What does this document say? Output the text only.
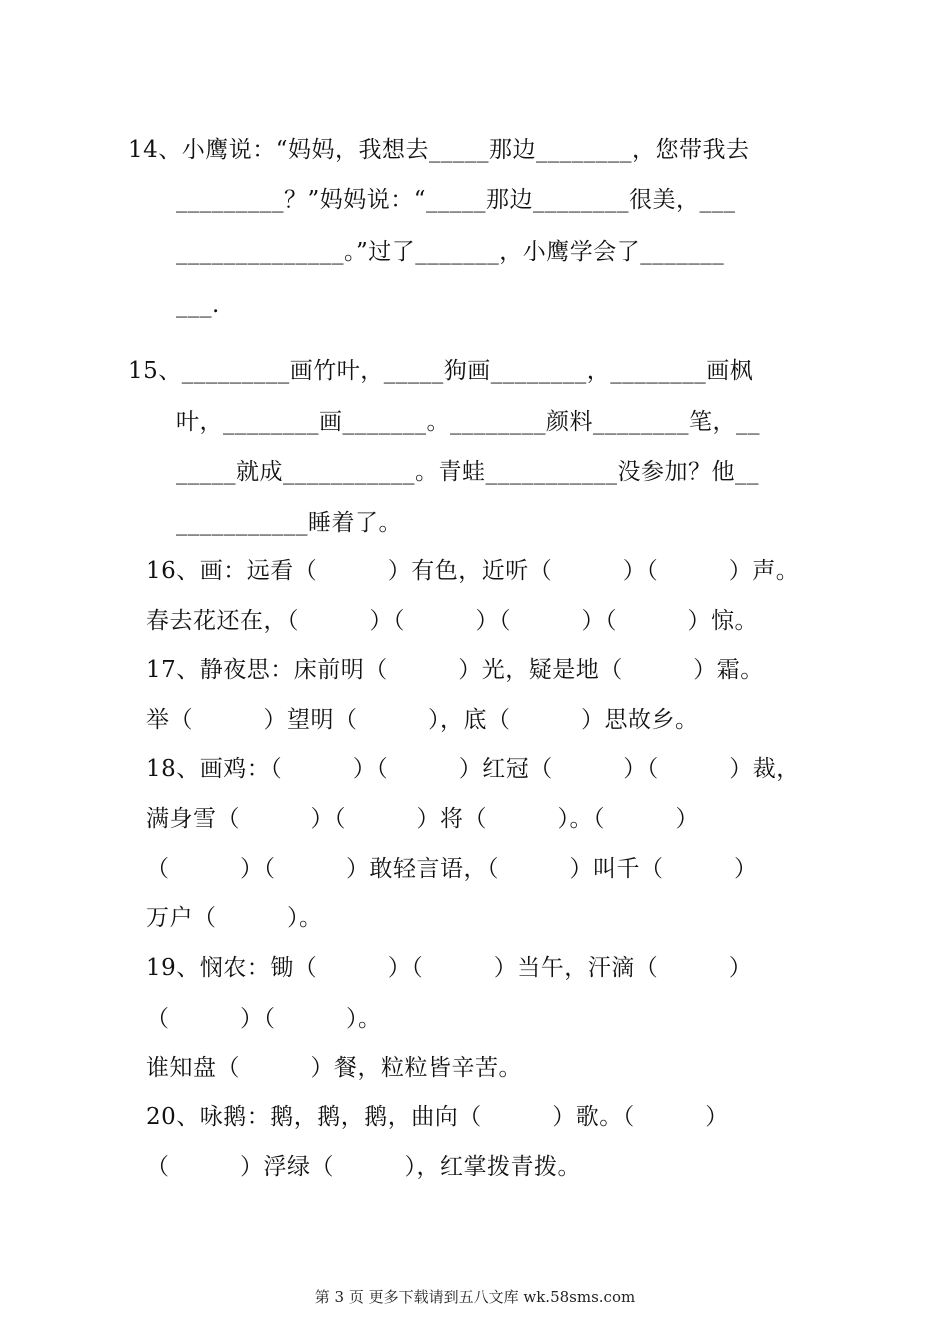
14、小鹰说：“妈妈，我想去_____那边________，您带我去
_________？”妈妈说：“_____那边________很美，___
______________。”过了_______，小鹰学会了_______
___.
15、_________画竹叶，_____狗画________，________画枫
叶，________画_______。________颜料________笔，__
_____就成___________。青蛙___________没参加？他__
___________睡着了。
16、画：远看（　　　）有色，近听（　　　）（　　　）声。
春去花还在，（　　　）（　　　）（　　　）（　　　）惊。
17、静夜思：床前明（　　　）光，疑是地（　　　）霜。
举（　　　）望明（　　　），底（　　　）思故乡。
18、画鸡：（　　　）（　　　）红冠（　　　）（　　　）裁，
满身雪（　　　）（　　　）将（　　　）。（　　　）
（　　　）（　　　）敢轻言语，（　　　）叫千（　　　）
万户（　　　）。
19、悯农：锄（　　　）（　　　）当午，汗滴（　　　）
（　　　）（　　　）。
谁知盘（　　　）餐，粒粒皆辛苦。
20、咏鹅：鹅，鹅，鹅，曲向（　　　）歌。（　　　）
（　　　）浮绿（　　　），红掌拨青拨。
第 3 页 更多下载请到五八文库 wk.58sms.com
